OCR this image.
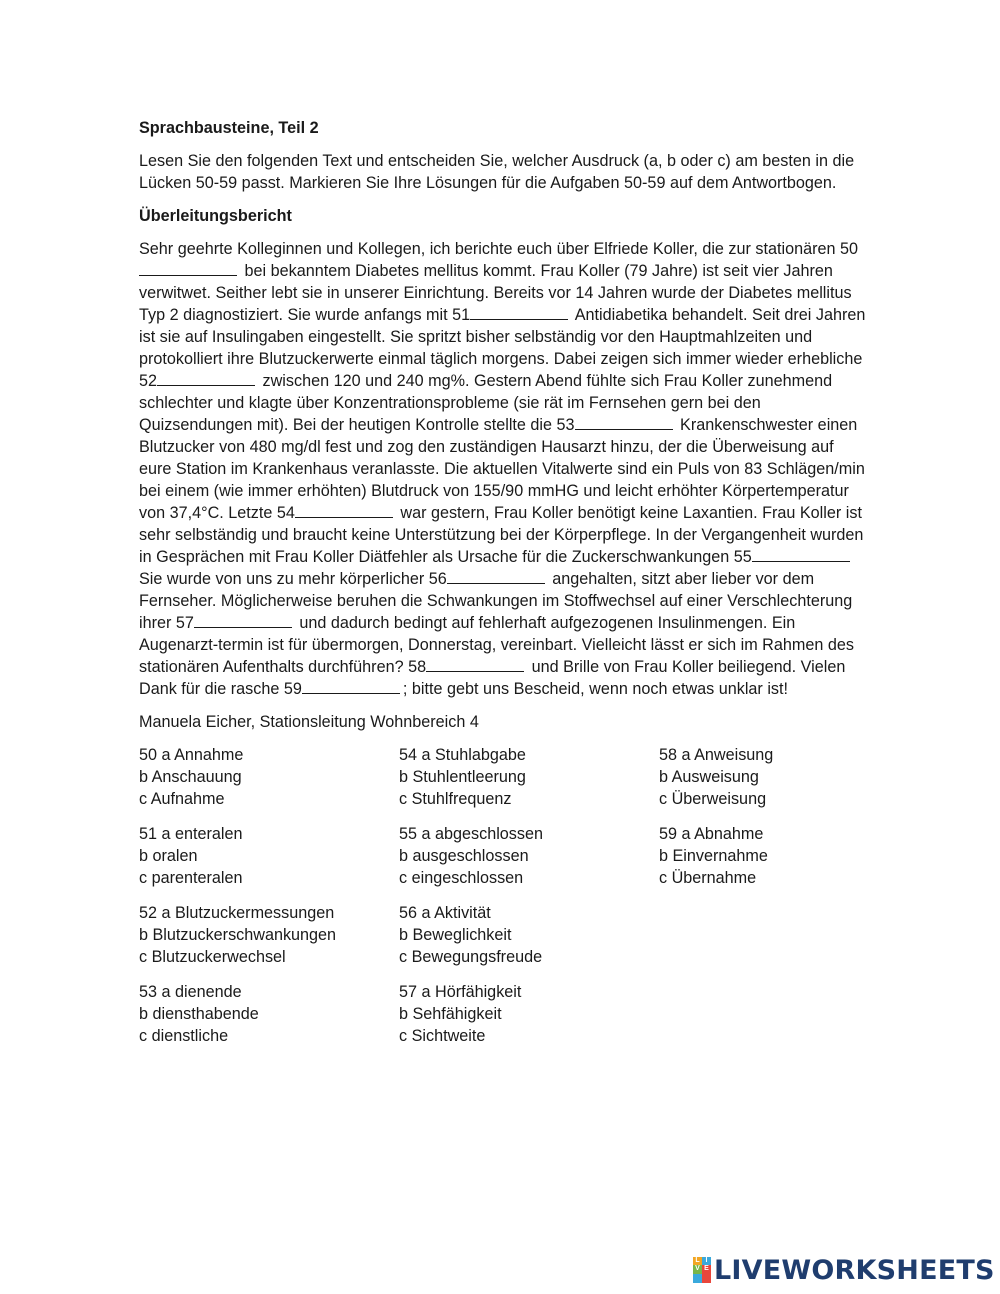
Sprachbausteine, Teil 2
Lesen Sie den folgenden Text und entscheiden Sie, welcher Ausdruck (a, b oder c) am besten in die Lücken 50-59 passt. Markieren Sie Ihre Lösungen für die Aufgaben 50-59 auf dem Antwortbogen.
Überleitungsbericht
Sehr geehrte Kolleginnen und Kollegen, ich berichte euch über Elfriede Koller, die zur stationären 50 bei bekanntem Diabetes mellitus kommt. Frau Koller (79 Jahre) ist seit vier Jahren verwitwet. Seither lebt sie in unserer Einrichtung. Bereits vor 14 Jahren wurde der Diabetes mellitus Typ 2 diagnostiziert. Sie wurde anfangs mit 51	Antidiabetika behandelt. Seit drei Jahren ist sie auf Insulingaben eingestellt. Sie spritzt bisher selbständig vor den Hauptmahlzeiten und protokolliert ihre Blutzuckerwerte einmal täglich morgens. Dabei zeigen sich immer wieder erhebliche 52	zwischen 120 und 240 mg%. Gestern Abend fühlte sich Frau Koller zunehmend schlechter und klagte über Konzentrationsprobleme (sie rät im Fernsehen gern bei den Quizsendungen mit). Bei der heutigen Kontrolle stellte die 53	Krankenschwester einen Blutzucker von 480 mg/dl fest und zog den zuständigen Hausarzt hinzu, der die Überweisung auf eure Station im Krankenhaus veranlasste. Die aktuellen Vitalwerte sind ein Puls von 83 Schlägen/min bei einem (wie immer erhöhten) Blutdruck von 155/90 mmHG und leicht erhöhter Körpertemperatur von 37,4°C. Letzte 54	war gestern, Frau Koller benötigt keine Laxantien. Frau Koller ist sehr selbständig und braucht keine Unterstützung bei der Körperpflege. In der Vergangenheit wurden in Gesprächen mit Frau Koller Diätfehler als Ursache für die Zuckerschwankungen 55 Sie wurde von uns zu mehr körperlicher 56	angehalten, sitzt aber lieber vor dem Fernseher. Möglicherweise beruhen die Schwankungen im Stoffwechsel auf einer Verschlechterung ihrer 57	und dadurch bedingt auf fehlerhaft aufgezogenen Insulinmengen. Ein Augenarzt-termin ist für übermorgen, Donnerstag, vereinbart. Vielleicht lässt er sich im Rahmen des stationären Aufenthalts durchführen? 58	und Brille von Frau Koller beiliegend. Vielen Dank für die rasche 59	; bitte gebt uns Bescheid, wenn noch etwas unklar ist!
Manuela Eicher, Stationsleitung Wohnbereich 4
50 a Annahme
b Anschauung
c Aufnahme
51 a enteralen
b oralen
c parenteralen
52 a Blutzuckermessungen
b Blutzuckerschwankungen
c Blutzuckerwechsel
53 a dienende
b diensthabende
c dienstliche
54 a Stuhlabgabe
b Stuhlentleerung
c Stuhlfrequenz
55 a abgeschlossen
b ausgeschlossen
c eingeschlossen
56 a Aktivität
b Beweglichkeit
c Bewegungsfreude
57 a Hörfähigkeit
b Sehfähigkeit
c Sichtweite
58 a Anweisung
b Ausweisung
c Überweisung
59 a Abnahme
b Einvernahme
c Übernahme
L I
V E LIVEWORKSHEETS
